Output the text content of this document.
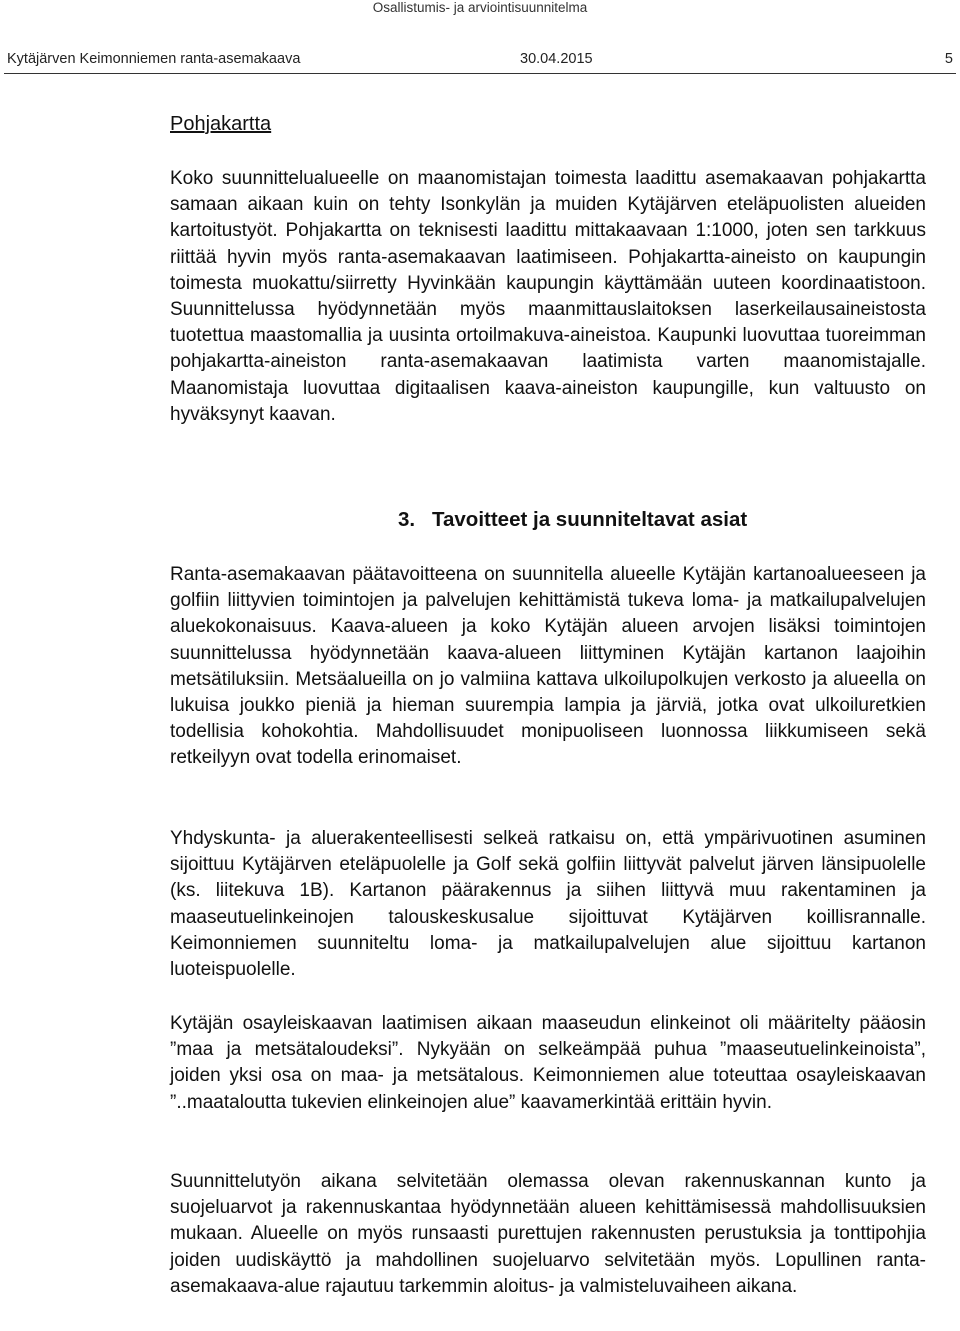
Osallistumis- ja arviointisuunnitelma
Kytäjärven Keimonniemen ranta-asemakaava	30.04.2015	5
Pohjakartta

Koko suunnittelualueelle on maanomistajan toimesta laadittu asemakaavan pohjakartta samaan aikaan kuin on tehty Isonkylän ja muiden Kytäjärven eteläpuolisten alueiden kartoitustyöt. Pohjakartta on teknisesti laadittu mittakaavaan 1:1000, joten sen tarkkuus riittää hyvin myös ranta-asemakaavan laatimiseen. Pohjakartta-aineisto on kaupungin toimesta muokattu/siirretty Hyvinkään kaupungin käyttämään uuteen koordinaatistoon. Suunnittelussa hyödynnetään myös maanmittauslaitoksen laserkeilausaineistosta tuotettua maastomallia ja uusinta ortoilmakuva-aineistoa. Kaupunki luovuttaa tuoreimman pohjakartta-aineiston ranta-asemakaavan laatimista varten maanomistajalle. Maanomistaja luovuttaa digitaalisen kaava-aineiston kaupungille, kun valtuusto on hyväksynyt kaavan.

3. Tavoitteet ja suunniteltavat asiat

Ranta-asemakaavan päätavoitteena on suunnitella alueelle Kytäjän kartanoalueeseen ja golfiin liittyvien toimintojen ja palvelujen kehittämistä tukeva loma- ja matkailupalvelujen aluekokonaisuus. Kaava-alueen ja koko Kytäjän alueen arvojen lisäksi toimintojen suunnittelussa hyödynnetään kaava-alueen liittyminen Kytäjän kartanon laajoihin metsätiluksiin. Metsäalueilla on jo valmiina kattava ulkoilupolkujen verkosto ja alueella on lukuisa joukko pieniä ja hieman suurempia lampia ja järviä, jotka ovat ulkoiluretkien todellisia kohokohtia. Mahdollisuudet monipuoliseen luonnossa liikkumiseen sekä retkeilyyn ovat todella erinomaiset.

Yhdyskunta- ja aluerakenteellisesti selkeä ratkaisu on, että ympärivuotinen asuminen sijoittuu Kytäjärven eteläpuolelle ja Golf sekä golfiin liittyvät palvelut järven länsipuolelle (ks. liitekuva 1B). Kartanon päärakennus ja siihen liittyvä muu rakentaminen ja maaseutuelinkeinojen talouskeskusalue sijoittuvat Kytäjärven koillisrannalle. Keimonniemen suunniteltu loma- ja matkailupalvelujen alue sijoittuu kartanon luoteispuolelle.

Kytäjän osayleiskaavan laatimisen aikaan maaseudun elinkeinot oli määritelty pääosin ”maa ja metsätaloudeksi”. Nykyään on selkeämpää puhua ”maaseutuelinkeinoista”, joiden yksi osa on maa- ja metsätalous. Keimonniemen alue toteuttaa osayleiskaavan ”..maataloutta tukevien elinkeinojen alue” kaavamerkintää erittäin hyvin.

Suunnittelutyön aikana selvitetään olemassa olevan rakennuskannan kunto ja suojeluarvot ja rakennuskantaa hyödynnetään alueen kehittämisessä mahdollisuuksien mukaan. Alueelle on myös runsaasti purettujen rakennusten perustuksia ja tonttipohjia joiden uudiskäyttö ja mahdollinen suojeluarvo selvitetään myös. Lopullinen ranta-asemakaava-alue rajautuu tarkemmin aloitus- ja valmisteluvaiheen aikana.
